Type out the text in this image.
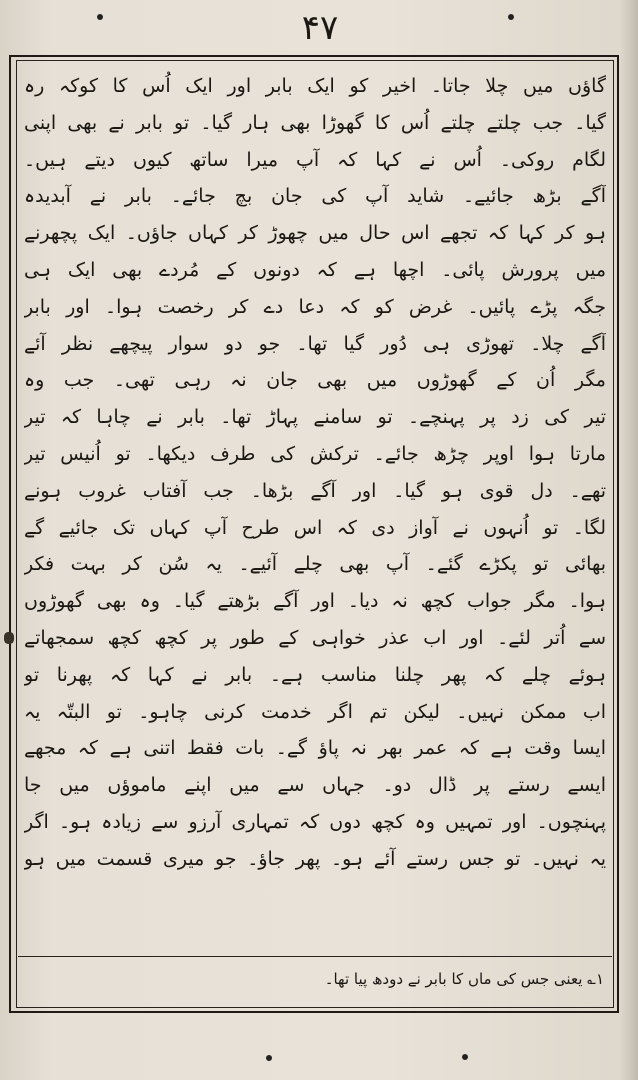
۴۷
گاؤں میں چلا جاتا۔ اخیر کو ایک بابر اور ایک اُس کا کوکہ رہ
گیا۔ جب چلتے چلتے اُس کا گھوڑا بھی ہار گیا۔ تو بابر نے بھی اپنی
لگام روکی۔ اُس نے کہا کہ آپ میرا ساتھ کیوں دیتے ہیں۔
آگے بڑھ جائیے۔ شاید آپ کی جان بچ جائے۔ بابر نے آبدیدہ
ہو کر کہا کہ تجھے اس حال میں چھوڑ کر کہاں جاؤں۔ ایک پچھرنے
میں پرورش پائی۔ اچھا ہے کہ دونوں کے مُردے بھی ایک ہی
جگہ پڑے پائیں۔ غرض کو کہ دعا دے کر رخصت ہوا۔ اور بابر
آگے چلا۔ تھوڑی ہی دُور گیا تھا۔ جو دو سوار پیچھے نظر آئے
مگر اُن کے گھوڑوں میں بھی جان نہ رہی تھی۔ جب وہ
تیر کی زد پر پہنچے۔ تو سامنے پہاڑ تھا۔ بابر نے چاہا کہ تیر
مارتا ہوا اوپر چڑھ جائے۔ ترکش کی طرف دیکھا۔ تو اُنیس تیر
تھے۔ دل قوی ہو گیا۔ اور آگے بڑھا۔ جب آفتاب غروب ہونے
لگا۔ تو اُنہوں نے آواز دی کہ اس طرح آپ کہاں تک جائیے گے
بھائی تو پکڑے گئے۔ آپ بھی چلے آئیے۔ یہ سُن کر بہت فکر
ہوا۔ مگر جواب کچھ نہ دیا۔ اور آگے بڑھتے گیا۔ وہ بھی گھوڑوں
سے اُتر لئے۔ اور اب عذر خواہی کے طور پر کچھ کچھ سمجھاتے
ہوئے چلے کہ پھر چلنا مناسب ہے۔ بابر نے کہا کہ پھرنا تو
اب ممکن نہیں۔ لیکن تم اگر خدمت کرنی چاہو۔ تو البتّہ یہ
ایسا وقت ہے کہ عمر بھر نہ پاؤ گے۔ بات فقط اتنی ہے کہ مجھے
ایسے رستے پر ڈال دو۔ جہاں سے میں اپنے ماموؤں میں جا
پہنچوں۔ اور تمہیں وہ کچھ دوں کہ تمہاری آرزو سے زیادہ ہو۔ اگر
یہ نہیں۔ تو جس رستے آئے ہو۔ پھر جاؤ۔ جو میری قسمت میں ہو
۱؎ یعنی جس کی ماں کا بابر نے دودھ پیا تھا۔
